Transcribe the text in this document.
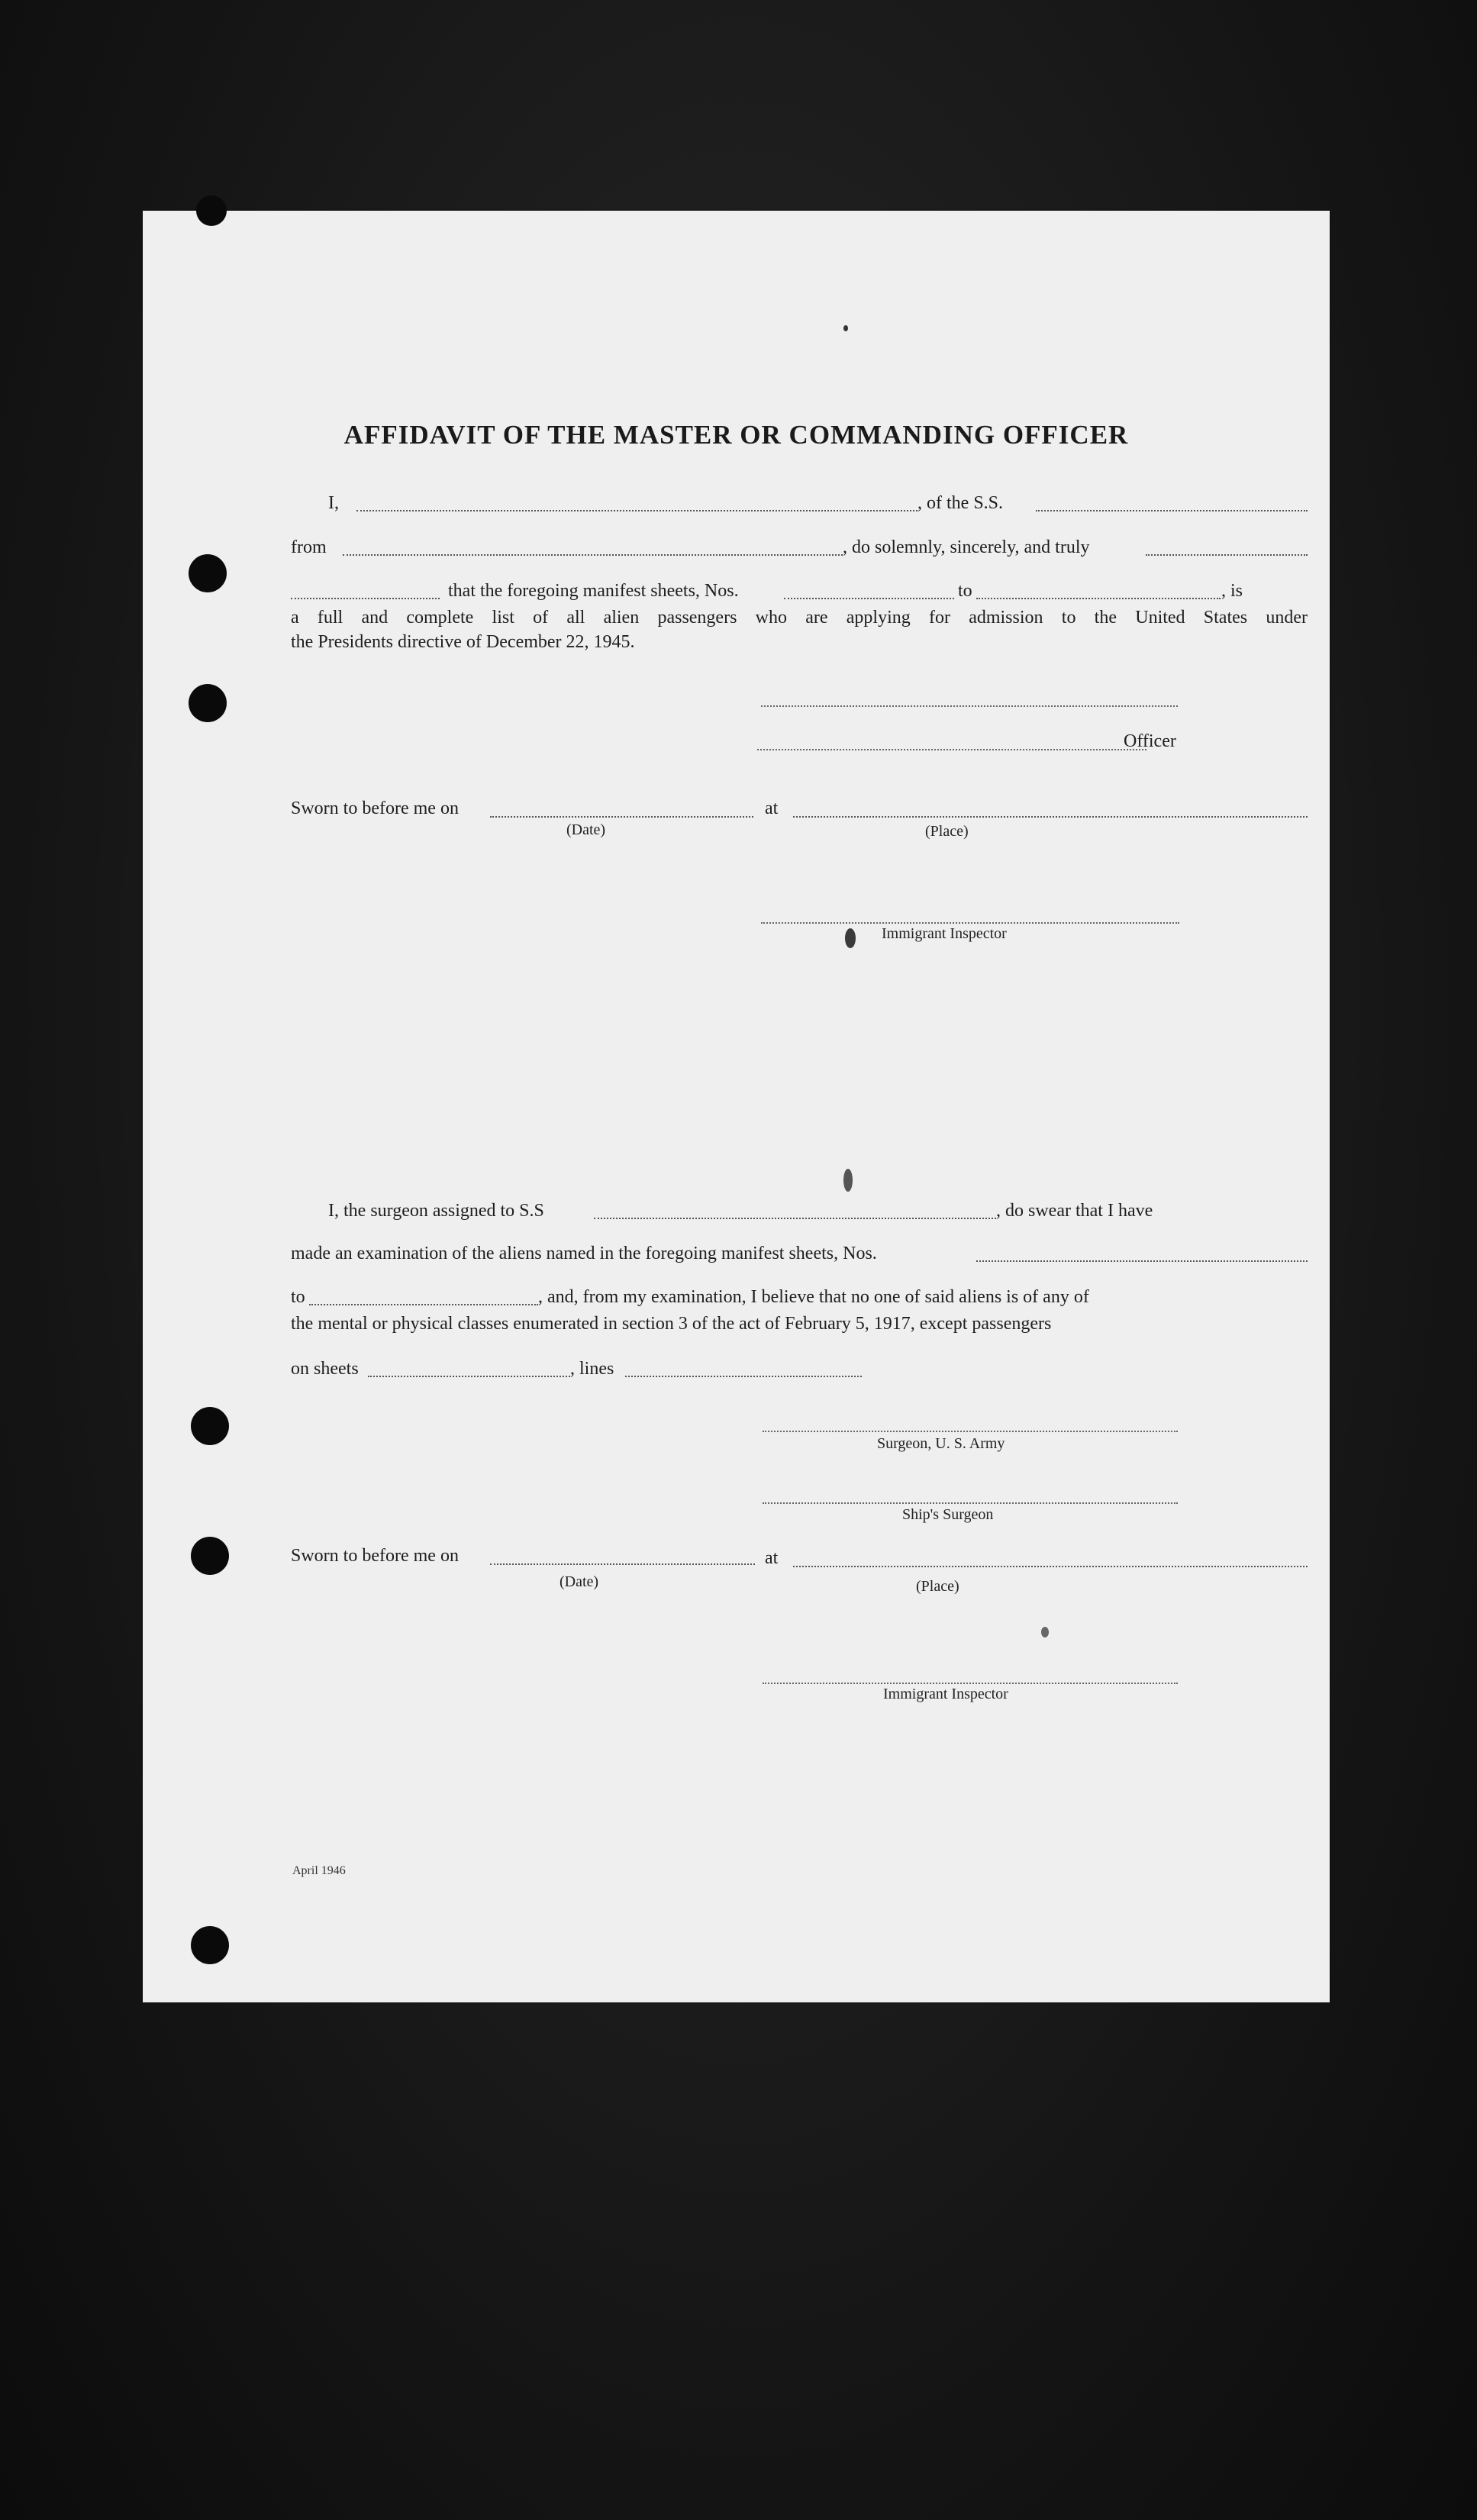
AFFIDAVIT OF THE MASTER OR COMMANDING OFFICER
I,	, of the S.S.
from	, do solemnly, sincerely, and truly
that the foregoing manifest sheets, Nos.	to	, is
a full and complete list of all alien passengers who are applying for admission to the United States under
the Presidents directive of December 22, 1945.
Officer
Sworn to before me on	at
(Date)	(Place)
Immigrant Inspector
I, the surgeon assigned to S.S	, do swear that I have
made an examination of the aliens named in the foregoing manifest sheets, Nos.
to	, and, from my examination, I believe that no one of said aliens is of any of
the mental or physical classes enumerated in section 3 of the act of February 5, 1917, except passengers
on sheets	, lines
Surgeon, U. S. Army
Ship's Surgeon
Sworn to before me on	at
(Date)	(Place)
Immigrant Inspector
April 1946
